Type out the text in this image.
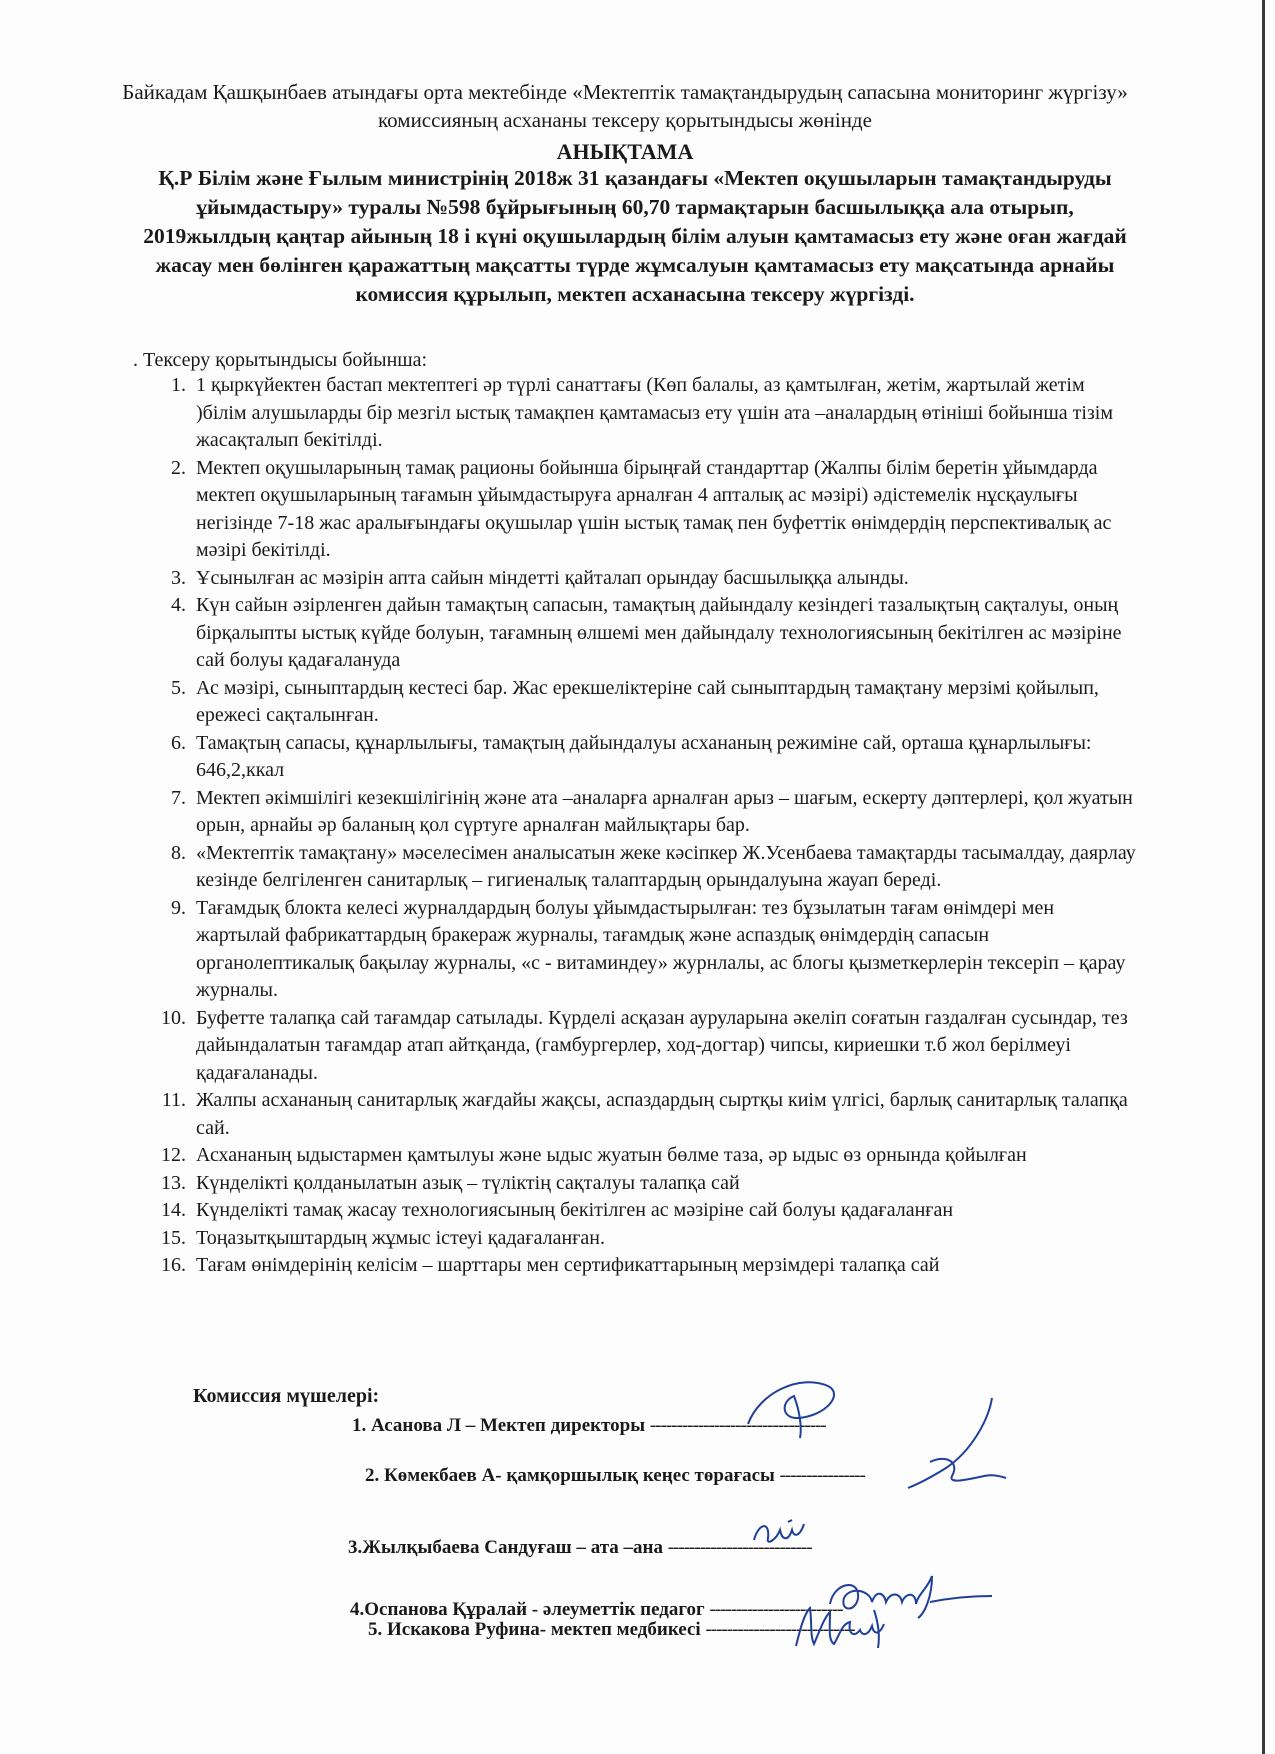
Байкадам Қашқынбаев атындағы орта мектебінде «Мектептік тамақтандырудың сапасына мониторинг жүргізу» комиссияның асхананы тексеру қорытындысы жөнінде
АНЫҚТАМА
Қ.Р Білім және Ғылым министрінің 2018ж 31 қазандағы «Мектеп оқушыларын тамақтандыруды ұйымдастыру» туралы №598 бұйрығының 60,70 тармақтарын басшылыққа ала отырып, 2019жылдың қаңтар айының 18 і күні оқушылардың білім алуын қамтамасыз ету және оған жағдай жасау мен бөлінген қаражаттың мақсатты түрде жұмсалуын қамтамасыз ету мақсатында арнайы комиссия құрылып, мектеп асханасына тексеру жүргізді.
. Тексеру қорытындысы бойынша:
1. 1 қыркүйектен бастап мектептегі әр түрлі санаттағы (Көп балалы, аз қамтылған, жетім, жартылай жетім )білім алушыларды бір мезгіл ыстық тамақпен қамтамасыз ету үшін ата –аналардың өтініші бойынша тізім жасақталып бекітілді.
2. Мектеп оқушыларының тамақ рационы бойынша бірыңғай стандарттар (Жалпы білім беретін ұйымдарда мектеп оқушыларының тағамын ұйымдастыруға арналған 4 апталық ас мәзірі) әдістемелік нұсқаулығы негізінде 7-18 жас аралығындағы оқушылар үшін ыстық тамақ пен буфеттік өнімдердің перспективалық ас мәзірі бекітілді.
3. Ұсынылған ас мәзірін апта сайын міндетті қайталап орындау басшылыққа алынды.
4. Күн сайын әзірленген дайын тамақтың сапасын, тамақтың дайындалу кезіндегі тазалықтың сақталуы, оның бірқалыпты ыстық күйде болуын, тағамның өлшемі мен дайындалу технологиясының бекітілген ас мәзіріне сай болуы қадағалануда
5. Ас мәзірі, сыныптардың кестесі бар. Жас ерекшеліктеріне сай сыныптардың тамақтану мерзімі қойылып, ережесі сақталынған.
6. Тамақтың сапасы, құнарлылығы, тамақтың дайындалуы асхананың режиміне сай, орташа құнарлылығы: 646,2,ккал
7. Мектеп әкімшілігі кезекшілігінің және ата –аналарға арналған арыз – шағым, ескерту дәптерлері, қол жуатын орын, арнайы әр баланың қол сүртуге арналған майлықтары бар.
8. «Мектептік тамақтану» мәселесімен аналысатын жеке кәсіпкер Ж.Усенбаева тамақтарды тасымалдау, даярлау кезінде белгіленген санитарлық – гигиеналық талаптардың орындалуына жауап береді.
9. Тағамдық блокта келесі журналдардың болуы ұйымдастырылған: тез бұзылатын тағам өнімдері мен жартылай фабрикаттардың бракераж журналы, тағамдық және аспаздық өнімдердің сапасын органолептикалық бақылау журналы, «с - витаминдеу» журнлалы, ас блогы қызметкерлерін тексеріп – қарау журналы.
10. Буфетте талапқа сай тағамдар сатылады. Күрделі асқазан ауруларына әкеліп соғатын газдалған сусындар, тез дайындалатын тағамдар атап айтқанда, (гамбургерлер, ход-догтар) чипсы, кириешки т.б жол берілмеуі қадағаланады.
11. Жалпы асхананың санитарлық жағдайы жақсы, аспаздардың сыртқы киім үлгісі, барлық санитарлық талапқа сай.
12. Асхананың ыдыстармен қамтылуы және ыдыс жуатын бөлме таза, әр ыдыс өз орнында қойылған
13. Күнделікті қолданылатын азық – түліктің сақталуы талапқа сай
14. Күнделікті тамақ жасау технологиясының бекітілген ас мәзіріне сай болуы қадағаланған
15. Тоңазытқыштардың жұмыс істеуі қадағаланған.
16. Тағам өнімдерінің келісім – шарттары мен сертификаттарының мерзімдері талапқа сай
Комиссия мүшелері:
1. Асанова Л – Мектеп директоры ---------------------------------
2. Көмекбаев А- қамқоршылық кеңес төрағасы ----------------
3.Жылқыбаева Сандуғаш – ата –ана ---------------------------
4.Оспанова Құралай - әлеуметтік педагог -------------------------
5. Искакова Руфина- мектеп медбикесі ----------------------------
